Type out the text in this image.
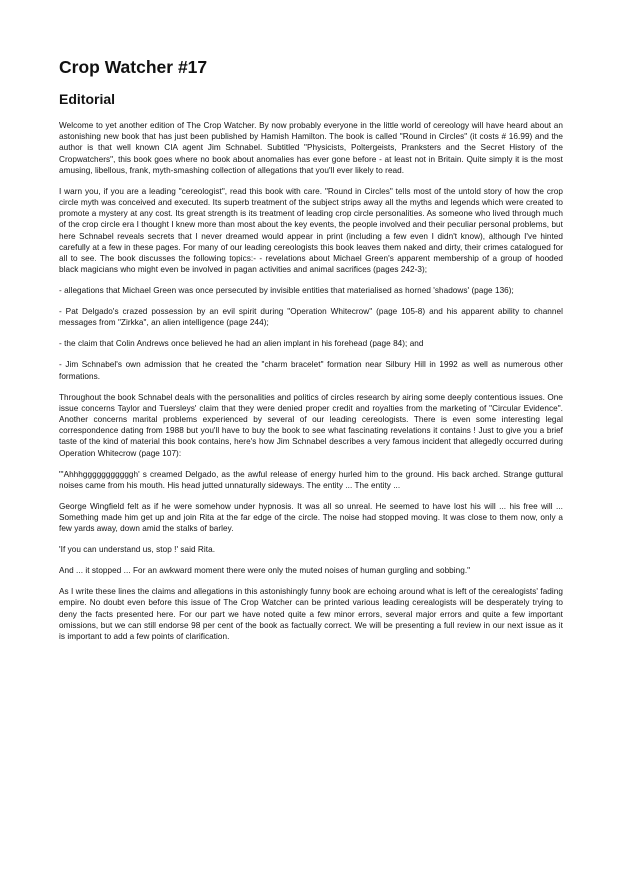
Crop Watcher #17
Editorial

Welcome to yet another edition of The Crop Watcher. By now probably everyone in the little world of cereology will have heard about an astonishing new book that has just been published by Hamish Hamilton. The book is called "Round in Circles" (it costs # 16.99) and the author is that well known CIA agent Jim Schnabel. Subtitled "Physicists, Poltergeists, Pranksters and the Secret History of the Cropwatchers", this book goes where no book about anomalies has ever gone before - at least not in Britain. Quite simply it is the most amusing, libellous, frank, myth-smashing collection of allegations that you'll ever likely to read.

I warn you, if you are a leading "cereologist", read this book with care. "Round in Circles" tells most of the untold story of how the crop circle myth was conceived and executed. Its superb treatment of the subject strips away all the myths and legends which were created to promote a mystery at any cost. Its great strength is its treatment of leading crop circle personalities. As someone who lived through much of the crop circle era I thought I knew more than most about the key events, the people involved and their peculiar personal problems, but here Schnabel reveals secrets that I never dreamed would appear in print (including a few even I didn't know), although I've hinted carefully at a few in these pages. For many of our leading cereologists this book leaves them naked and dirty, their crimes catalogued for all to see. The book discusses the following topics:- - revelations about Michael Green's apparent membership of a group of hooded black magicians who might even be involved in pagan activities and animal sacrifices (pages 242-3);

- allegations that Michael Green was once persecuted by invisible entities that materialised as horned 'shadows' (page 136);

- Pat Delgado's crazed possession by an evil spirit during "Operation Whitecrow" (page 105-8) and his apparent ability to channel messages from "Zirkka", an alien intelligence (page 244);

- the claim that Colin Andrews once believed he had an alien implant in his forehead (page 84); and

- Jim Schnabel's own admission that he created the "charm bracelet" formation near Silbury Hill in 1992 as well as numerous other formations.

Throughout the book Schnabel deals with the personalities and politics of circles research by airing some deeply contentious issues. One issue concerns Taylor and Tuersleys' claim that they were denied proper credit and royalties from the marketing of "Circular Evidence". Another concerns marital problems experienced by several of our leading cereologists. There is even some interesting legal correspondence dating from 1988 but you'll have to buy the book to see what fascinating revelations it contains ! Just to give you a brief taste of the kind of material this book contains, here's how Jim Schnabel describes a very famous incident that allegedly occurred during Operation Whitecrow (page 107):

"'Ahhhgggggggggggh' s creamed Delgado, as the awful release of energy hurled him to the ground. His back arched. Strange guttural noises came from his mouth. His head jutted unnaturally sideways. The entity ... The entity ...

George Wingfield felt as if he were somehow under hypnosis. It was all so unreal. He seemed to have lost his will ... his free will ... Something made him get up and join Rita at the far edge of the circle. The noise had stopped moving. It was close to them now, only a few yards away, down amid the stalks of barley.

'If you can understand us, stop !' said Rita.

And ... it stopped ... For an awkward moment there were only the muted noises of human gurgling and sobbing."

As I write these lines the claims and allegations in this astonishingly funny book are echoing around what is left of the cerealogists' fading empire. No doubt even before this issue of The Crop Watcher can be printed various leading cerealogists will be desperately trying to deny the facts presented here. For our part we have noted quite a few minor errors, several major errors and quite a few important omissions, but we can still endorse 98 per cent of the book as factually correct. We will be presenting a full review in our next issue as it is important to add a few points of clarification.
